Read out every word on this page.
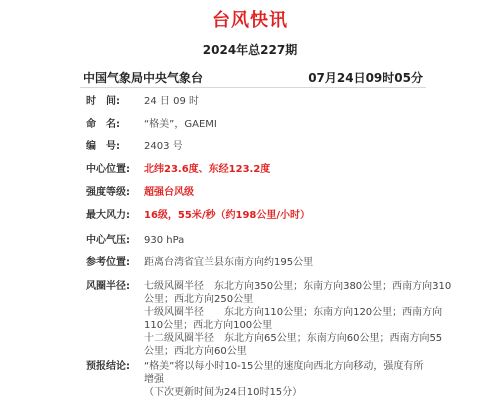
台风快讯
2024年总227期
中国气象局中央气象台	07月24日09时05分
时　间:	24 日 09 时
命　名:	“格美”，GAEMI
编　号:	2403 号
中心位置:	北纬23.6度、东经123.2度
强度等级:	超强台风级
最大风力:	16级，55米/秒（约198公里/小时）
中心气压:	930 hPa
参考位置:	距离台湾省宜兰县东南方向约195公里
风圈半径:	七级风圈半径　东北方向350公里；东南方向380公里；西南方向310
公里；西北方向250公里
十级风圈半径　　东北方向110公里；东南方向120公里；西南方向
110公里；西北方向100公里
十二级风圈半径　东北方向65公里；东南方向60公里；西南方向55
公里；西北方向60公里
预报结论:	“格美”将以每小时10-15公里的速度向西北方向移动，强度有所增强
（下次更新时间为24日10时15分）
